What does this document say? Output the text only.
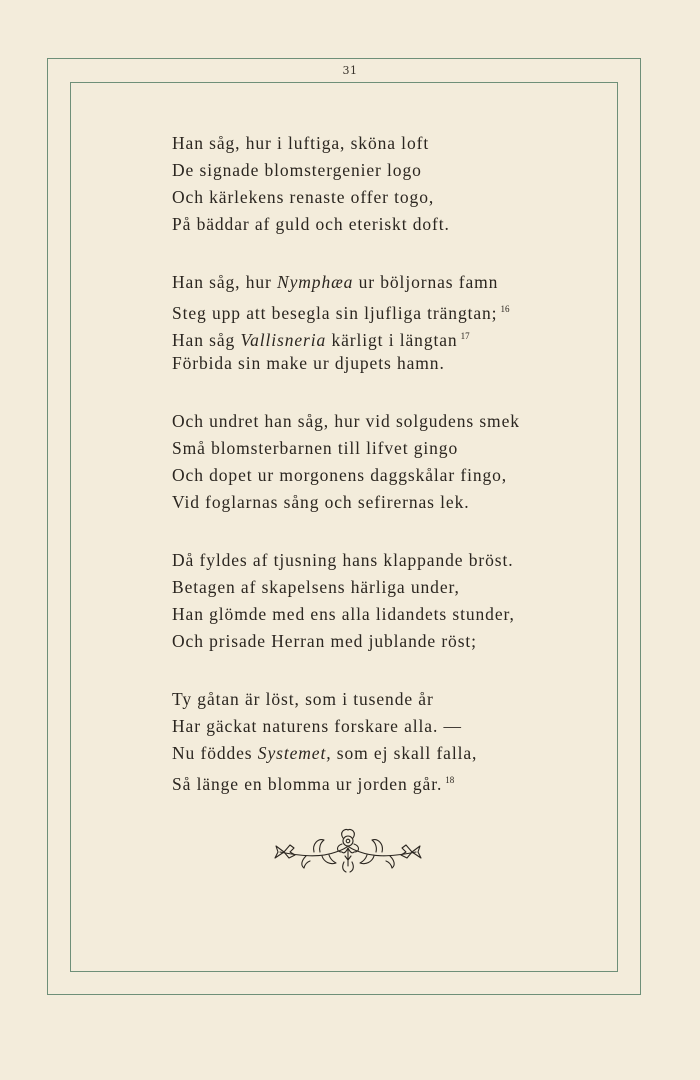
31
Han såg, hur i luftiga, sköna loft
De signade blomstergenier logo
Och kärlekens renaste offer togo,
På bäddar af guld och eteriskt doft.
Han såg, hur Nymphæa ur böljornas famn
Steg upp att besegla sin ljufliga trängtan; $^{16}$
Han såg Vallisneria kärligt i längtan $^{17}$
Förbida sin make ur djupets hamn.
Och undret han såg, hur vid solgudens smek
Små blomsterbarnen till lifvet gingo
Och dopet ur morgonens daggskålar fingo,
Vid foglarnas sång och sefirernas lek.
Då fyldes af tjusning hans klappande bröst.
Betagen af skapelsens härliga under,
Han glömde med ens alla lidandets stunder,
Och prisade Herran med jublande röst;
Ty gåtan är löst, som i tusende år
Har gäckat naturens forskare alla. —
Nu föddes Systemet, som ej skall falla,
Så länge en blomma ur jorden går. $^{18}$
